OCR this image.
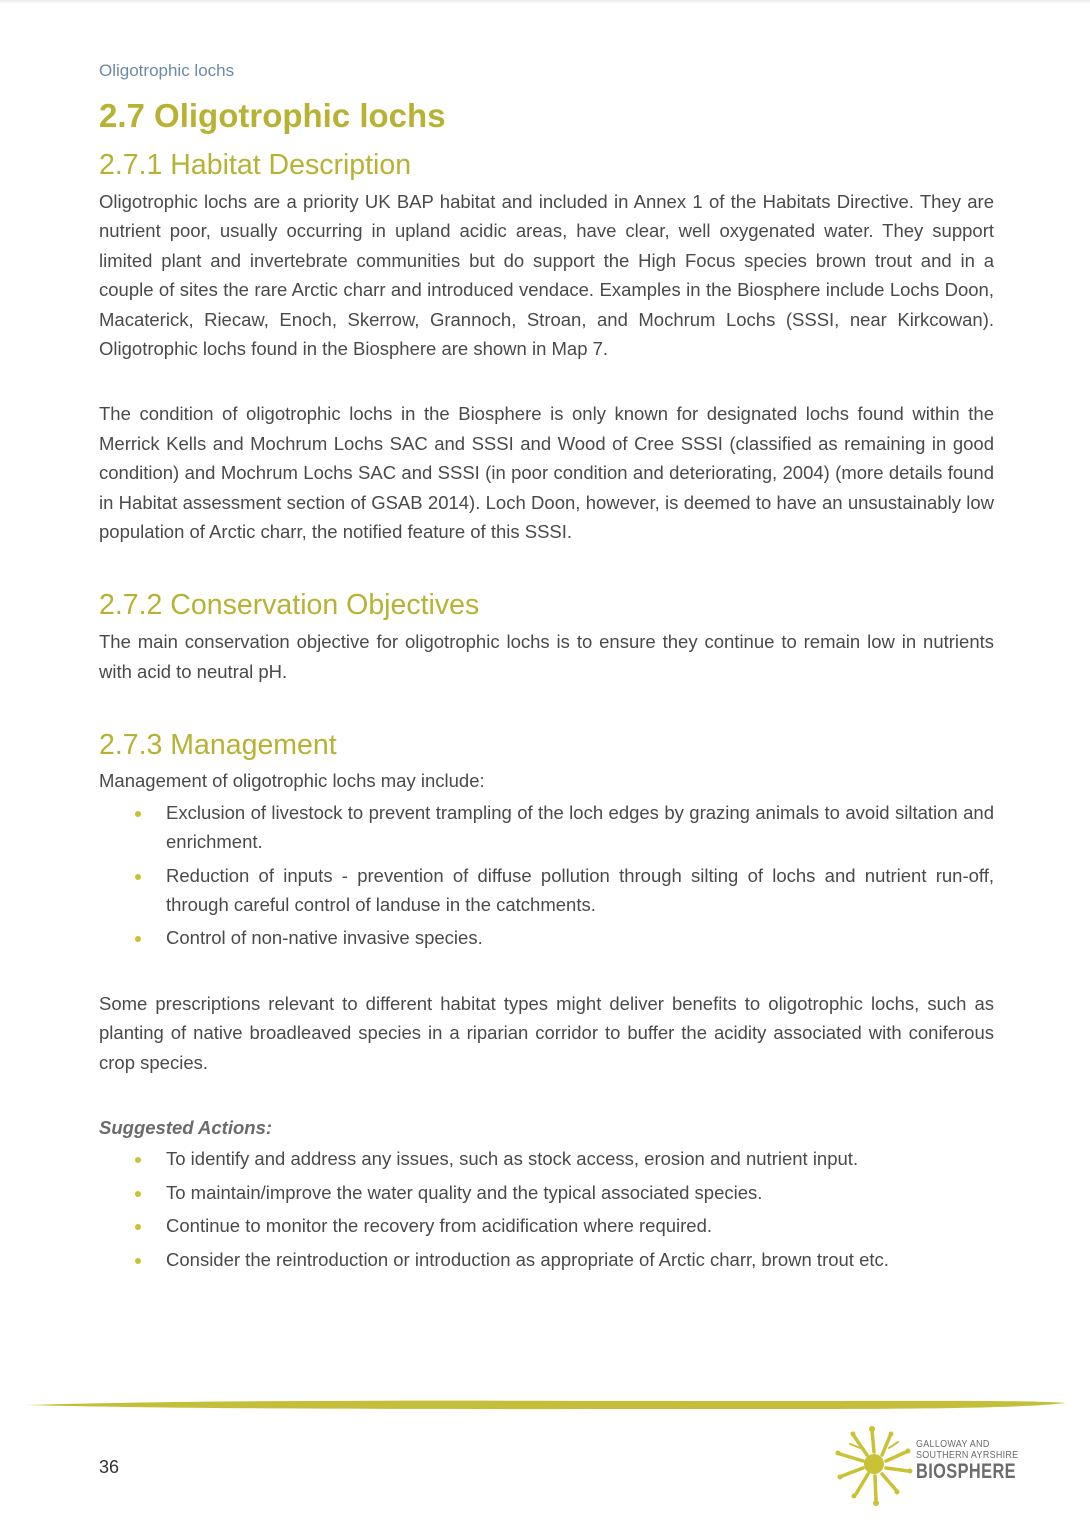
Oligotrophic lochs
2.7 Oligotrophic lochs
2.7.1 Habitat Description

Oligotrophic lochs are a priority UK BAP habitat and included in Annex 1 of the Habitats Directive. They are nutrient poor, usually occurring in upland acidic areas, have clear, well oxygenated water. They support limited plant and invertebrate communities but do support the High Focus species brown trout and in a couple of sites the rare Arctic charr and introduced vendace. Examples in the Biosphere include Lochs Doon, Macaterick, Riecaw, Enoch, Skerrow, Grannoch, Stroan, and Mochrum Lochs (SSSI, near Kirkcowan). Oligotrophic lochs found in the Biosphere are shown in Map 7.

The condition of oligotrophic lochs in the Biosphere is only known for designated lochs found within the Merrick Kells and Mochrum Lochs SAC and SSSI and Wood of Cree SSSI (classified as remaining in good condition) and Mochrum Lochs SAC and SSSI (in poor condition and deteriorating, 2004) (more details found in Habitat assessment section of GSAB 2014). Loch Doon, however, is deemed to have an unsustainably low population of Arctic charr, the notified feature of this SSSI.

2.7.2 Conservation Objectives

The main conservation objective for oligotrophic lochs is to ensure they continue to remain low in nutrients with acid to neutral pH.

2.7.3 Management

Management of oligotrophic lochs may include:

Exclusion of livestock to prevent trampling of the loch edges by grazing animals to avoid siltation and enrichment.
Reduction of inputs - prevention of diffuse pollution through silting of lochs and nutrient run-off, through careful control of landuse in the catchments.
Control of non-native invasive species.

Some prescriptions relevant to different habitat types might deliver benefits to oligotrophic lochs, such as planting of native broadleaved species in a riparian corridor to buffer the acidity associated with coniferous crop species.

Suggested Actions:
To identify and address any issues, such as stock access, erosion and nutrient input.
To maintain/improve the water quality and the typical associated species.
Continue to monitor the recovery from acidification where required.
Consider the reintroduction or introduction as appropriate of Arctic charr, brown trout etc.
36
GALLOWAY AND
SOUTHERN AYRSHIRE
BIOSPHERE
